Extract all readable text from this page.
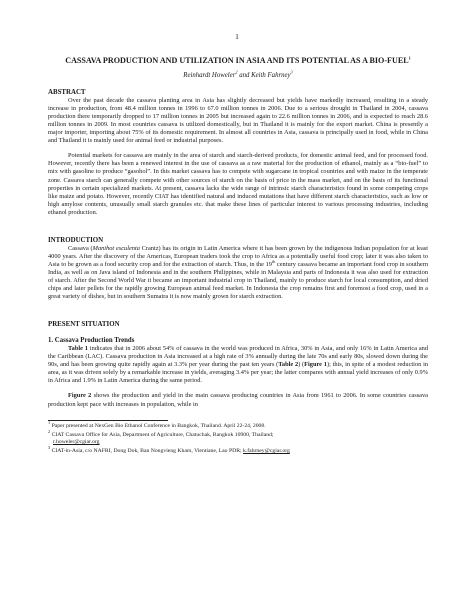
1
CASSAVA PRODUCTION AND UTILIZATION IN ASIA AND ITS POTENTIAL AS A BIO-FUEL$^1$
Reinhardt Howeler$^2$ and Keith Fahrney$^3$
ABSTRACT

Over the past decade the cassava planting area in Asia has slightly decreased but yields have markedly increased, resulting in a steady increase in production, from 48.4 million tonnes in 1996 to 67.0 million tonnes in 2006. Due to a serious drought in Thailand in 2004, cassava production there temporarily dropped to 17 million tonnes in 2005 but increased again to 22.6 million tonnes in 2006, and is expected to reach 28.6 million tonnes in 2009. In most countries cassava is utilized domestically, but in Thailand it is mainly for the export market. China is presently a major importer, importing about 75% of its domestic requirement. In almost all countries in Asia, cassava is principally used in food, while in China and Thailand it is mainly used for animal feed or industrial purposes.

Potential markets for cassava are mainly in the area of starch and starch-derived products, for domestic animal feed, and for processed food. However, recently there has been a renewed interest in the use of cassava as a raw material for the production of ethanol, mainly as a “bio-fuel” to mix with gasoline to produce “gasohol”. In this market cassava has to compete with sugarcane in tropical countries and with maize in the temperate zone. Cassava starch can generally compete with other sources of starch on the basis of price in the mass market, and on the basis of its functional properties in certain specialized markets. At present, cassava lacks the wide range of intrinsic starch characteristics found in some competing crops like maize and potato. However, recently CIAT has identified natural and induced mutations that have different starch characteristics, such as low or high amylose contents, unusually small starch granules etc. that make these lines of particular interest to various processing industries, including ethanol production.

INTRODUCTION

Cassava (Manihot esculenta Crantz) has its origin in Latin America where it has been grown by the indigenous Indian population for at least 4000 years. After the discovery of the Americas, European traders took the crop to Africa as a potentially useful food crop; later it was also taken to Asia to be grown as a food security crop and for the extraction of starch. Thus, in the 19th century cassava became an important food crop in southern India, as well as on Java island of Indonesia and in the southern Philippines, while in Malaysia and parts of Indonesia it was also used for extraction of starch. After the Second World War it became an important industrial crop in Thailand, mainly to produce starch for local consumption, and dried chips and later pellets for the rapidly growing European animal feed market. In Indonesia the crop remains first and foremost a food crop, used in a great variety of dishes, but in southern Sumatra it is now mainly grown for starch extraction.

PRESENT SITUATION
1. Cassava Production Trends

Table 1 indicates that in 2006 about 54% of cassava in the world was produced in Africa, 30% in Asia, and only 16% in Latin America and the Caribbean (LAC). Cassava production in Asia increased at a high rate of 3% annually during the late 70s and early 80s, slowed down during the 90s, and has been growing quite rapidly again at 3.3% per year during the past ten years (Table 2) (Figure 1); this, in spite of a modest reduction in area, as it was driven solely by a remarkable increase in yields, averaging 3.4% per year; the latter compares with annual yield increases of only 0.9% in Africa and 1.9% in Latin America during the same period.

Figure 2 shows the production and yield in the main cassava producing countries in Asia from 1961 to 2006. In some countries cassava production kept pace with increases in population, while in

$^1$ Paper presented at NexGen Bio Ethanol Conference in Bangkok, Thailand. April 22-24, 2008.
$^2$ CIAT Cassava Office for Asia, Department of Agriculture, Chatuchak, Bangkok 10900, Thailand;
r.howeler@cgiar.org
$^3$ CIAT-in-Asia, c/o NAFRI, Dong Dok, Ban Nongvieng Kham, Vientiane, Lao PDR; k.fahrney@cgiar.org
